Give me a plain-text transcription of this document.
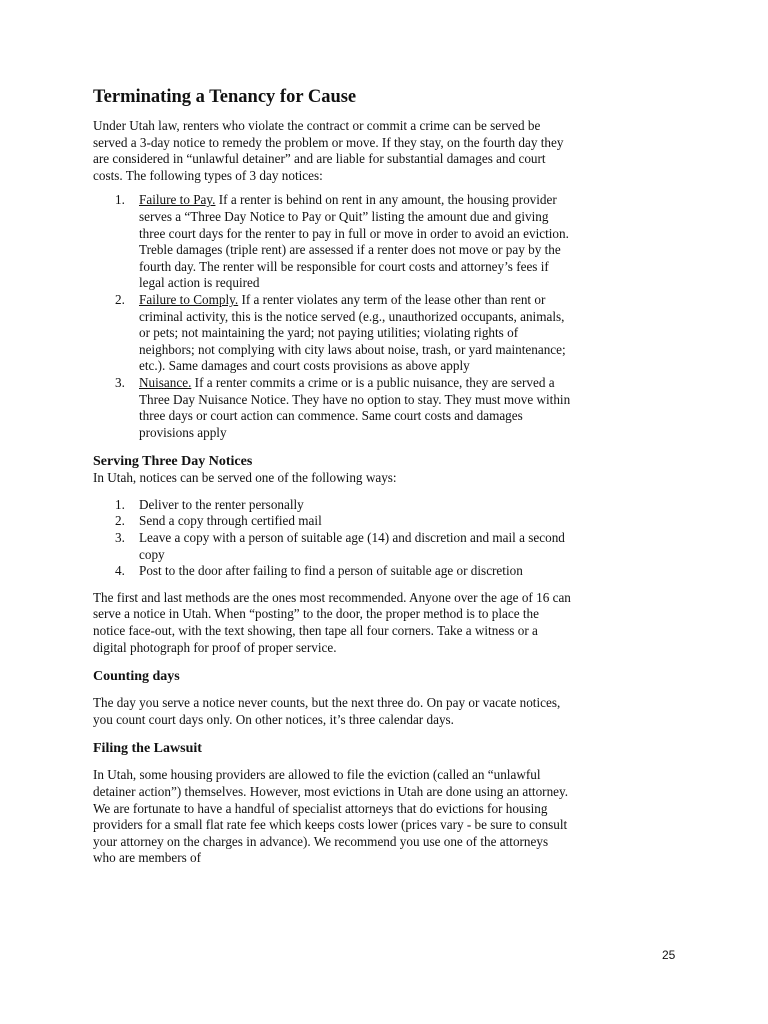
Terminating a Tenancy for Cause

Under Utah law, renters who violate the contract or commit a crime can be served be served a 3-day notice to remedy the problem or move. If they stay, on the fourth day they are considered in “unlawful detainer” and are liable for substantial damages and court costs. The following types of 3 day notices:

1. Failure to Pay. If a renter is behind on rent in any amount, the housing provider serves a “Three Day Notice to Pay or Quit” listing the amount due and giving three court days for the renter to pay in full or move in order to avoid an eviction. Treble damages (triple rent) are assessed if a renter does not move or pay by the fourth day. The renter will be responsible for court costs and attorney’s fees if legal action is required
2. Failure to Comply. If a renter violates any term of the lease other than rent or criminal activity, this is the notice served (e.g., unauthorized occupants, animals, or pets; not maintaining the yard; not paying utilities; violating rights of neighbors; not complying with city laws about noise, trash, or yard maintenance; etc.). Same damages and court costs provisions as above apply
3. Nuisance. If a renter commits a crime or is a public nuisance, they are served a Three Day Nuisance Notice. They have no option to stay. They must move within three days or court action can commence. Same court costs and damages provisions apply
Serving Three Day Notices

In Utah, notices can be served one of the following ways:

1. Deliver to the renter personally
2. Send a copy through certified mail
3. Leave a copy with a person of suitable age (14) and discretion and mail a second copy
4. Post to the door after failing to find a person of suitable age or discretion

The first and last methods are the ones most recommended. Anyone over the age of 16 can serve a notice in Utah. When “posting” to the door, the proper method is to place the notice face-out, with the text showing, then tape all four corners. Take a witness or a digital photograph for proof of proper service.

Counting days

The day you serve a notice never counts, but the next three do. On pay or vacate notices, you count court days only. On other notices, it’s three calendar days.

Filing the Lawsuit

In Utah, some housing providers are allowed to file the eviction (called an “unlawful detainer action”) themselves. However, most evictions in Utah are done using an attorney. We are fortunate to have a handful of specialist attorneys that do evictions for housing providers for a small flat rate fee which keeps costs lower (prices vary - be sure to consult your attorney on the charges in advance). We recommend you use one of the attorneys who are members of

25
